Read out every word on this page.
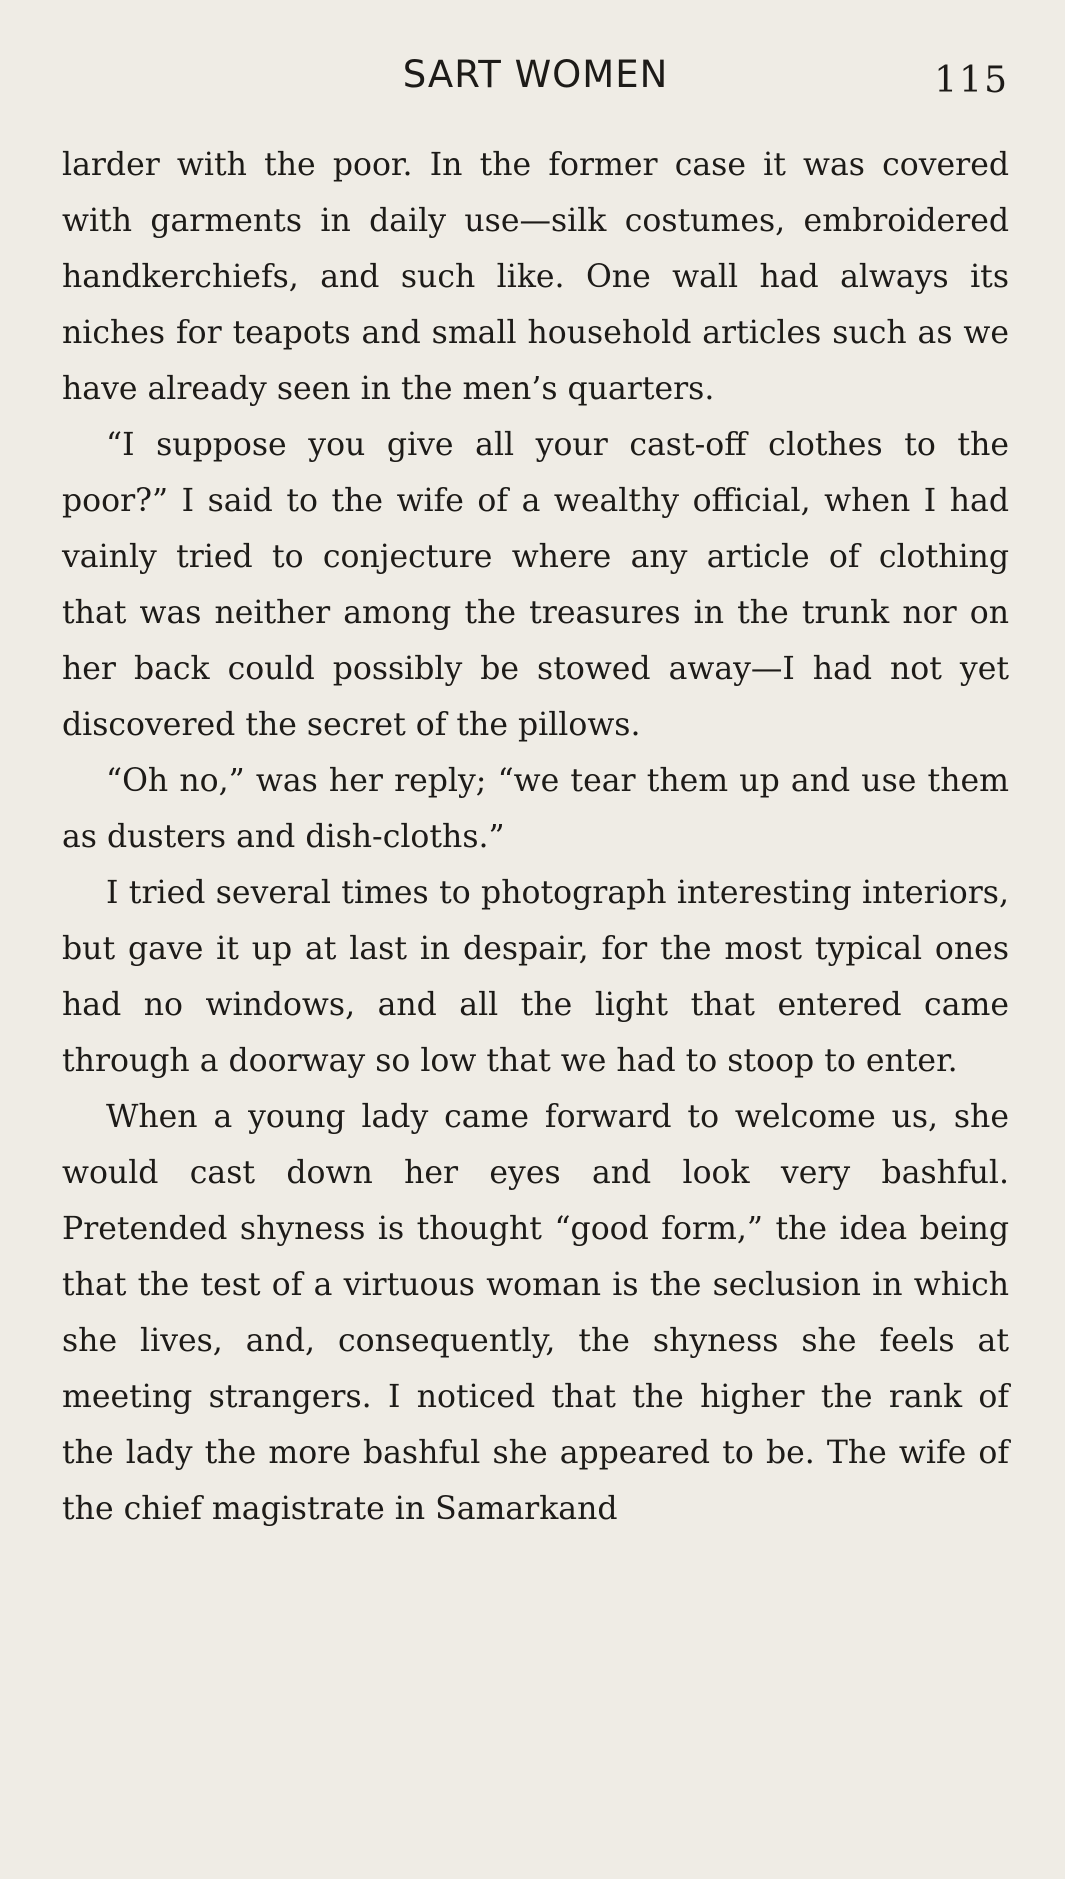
SART WOMEN	115

larder with the poor. In the former case it was covered with garments in daily use—silk costumes, embroidered handkerchiefs, and such like. One wall had always its niches for teapots and small household articles such as we have already seen in the men’s quarters.

“I suppose you give all your cast-off clothes to the poor?” I said to the wife of a wealthy official, when I had vainly tried to conjecture where any article of clothing that was neither among the treasures in the trunk nor on her back could possibly be stowed away—I had not yet discovered the secret of the pillows.

“Oh no,” was her reply; “we tear them up and use them as dusters and dish-cloths.”

I tried several times to photograph interesting interiors, but gave it up at last in despair, for the most typical ones had no windows, and all the light that entered came through a doorway so low that we had to stoop to enter.

When a young lady came forward to welcome us, she would cast down her eyes and look very bashful. Pretended shyness is thought “good form,” the idea being that the test of a virtuous woman is the seclusion in which she lives, and, consequently, the shyness she feels at meeting strangers. I noticed that the higher the rank of the lady the more bashful she appeared to be. The wife of the chief magistrate in Samarkand
